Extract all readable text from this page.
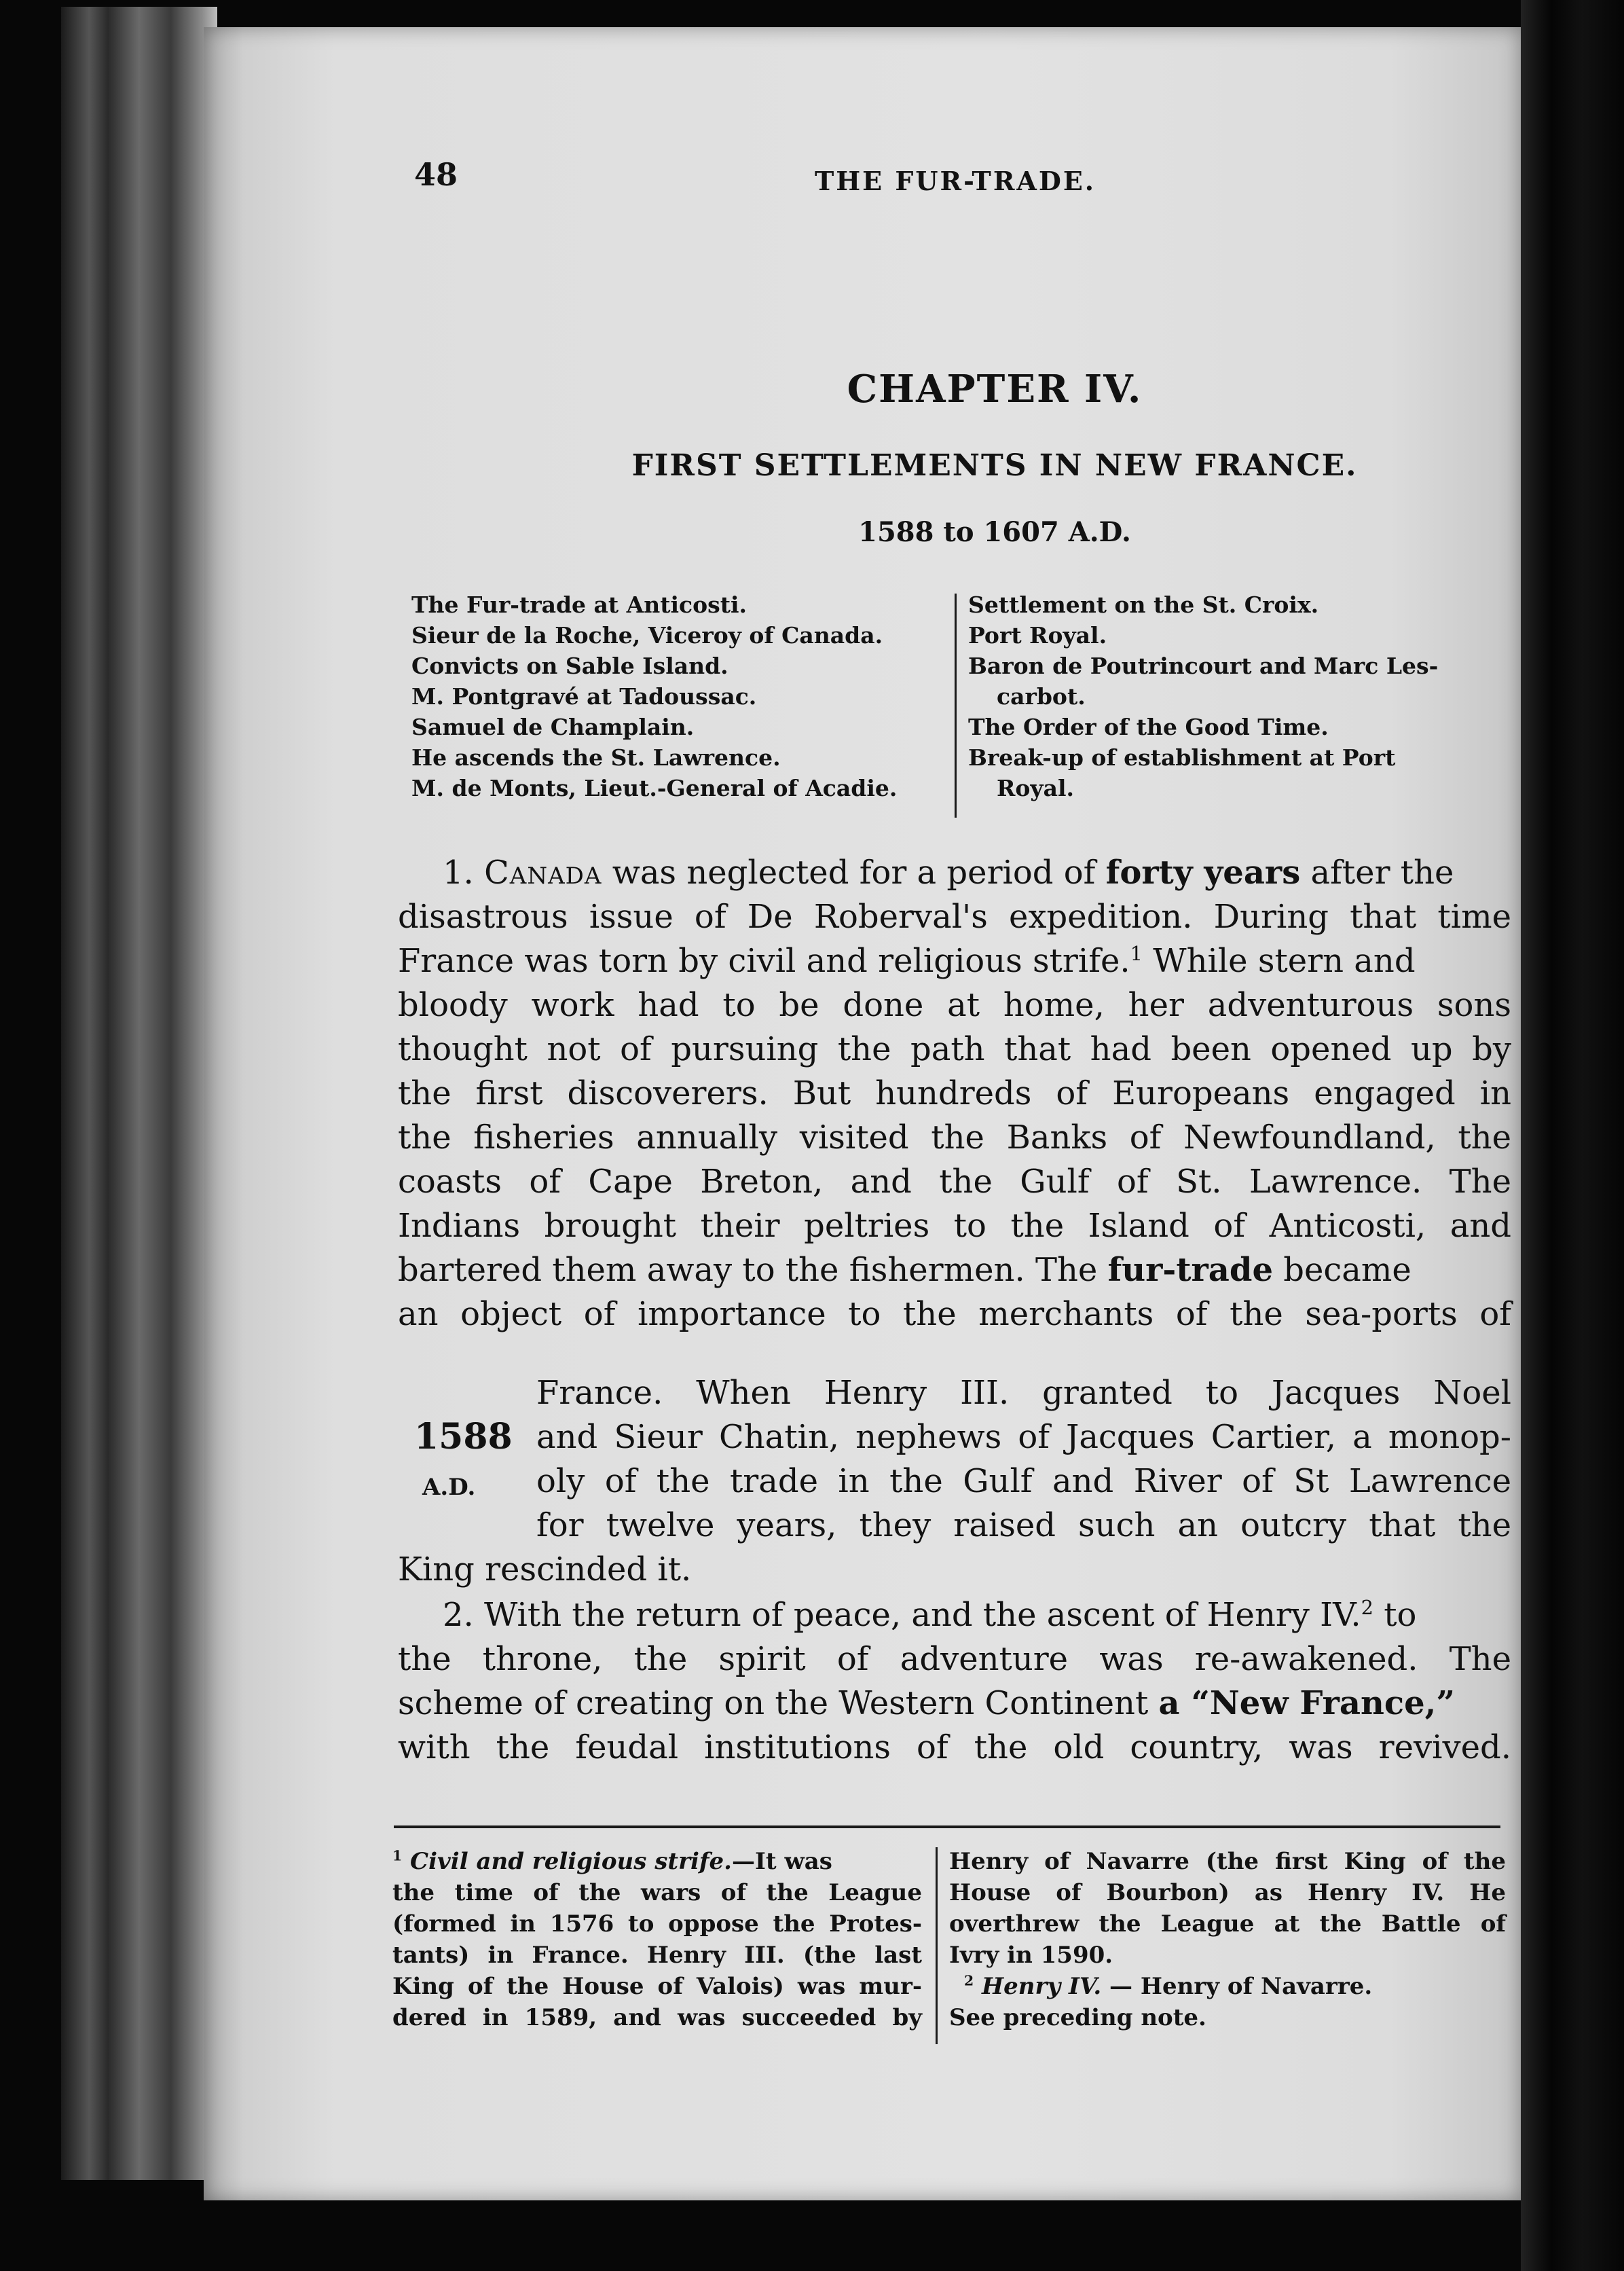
48	THE FUR-TRADE.
CHAPTER IV.
FIRST SETTLEMENTS IN NEW FRANCE.
1588 to 1607 A.D.
The Fur-trade at Anticosti.
Sieur de la Roche, Viceroy of Canada.
Convicts on Sable Island.
M. Pontgravé at Tadoussac.
Samuel de Champlain.
He ascends the St. Lawrence.
M. de Monts, Lieut.-General of Acadie.
Settlement on the St. Croix.
Port Royal.
Baron de Poutrincourt and Marc Les-
carbot.
The Order of the Good Time.
Break-up of establishment at Port
Royal.
1. Canada was neglected for a period of forty years after the
disastrous issue of De Roberval's expedition. During that time
France was torn by civil and religious strife.$^1$ While stern and
bloody work had to be done at home, her adventurous sons
thought not of pursuing the path that had been opened up by
the first discoverers. But hundreds of Europeans engaged in
the fisheries annually visited the Banks of Newfoundland, the
coasts of Cape Breton, and the Gulf of St. Lawrence. The
Indians brought their peltries to the Island of Anticosti, and
bartered them away to the fishermen. The fur-trade became
an object of importance to the merchants of the sea-ports of
1588
A.D.
France. When Henry III. granted to Jacques Noel
and Sieur Chatin, nephews of Jacques Cartier, a monop-
oly of the trade in the Gulf and River of St Lawrence
for twelve years, they raised such an outcry that the
King rescinded it.
2. With the return of peace, and the ascent of Henry IV.$^2$ to
the throne, the spirit of adventure was re-awakened. The
scheme of creating on the Western Continent a “New France,”
with the feudal institutions of the old country, was revived.
$^1$ Civil and religious strife.—It was
the time of the wars of the League
(formed in 1576 to oppose the Protes-
tants) in France. Henry III. (the last
King of the House of Valois) was mur-
dered in 1589, and was succeeded by
Henry of Navarre (the first King of the
House of Bourbon) as Henry IV. He
overthrew the League at the Battle of
Ivry in 1590.
$^2$ Henry IV. — Henry of Navarre.
See preceding note.
